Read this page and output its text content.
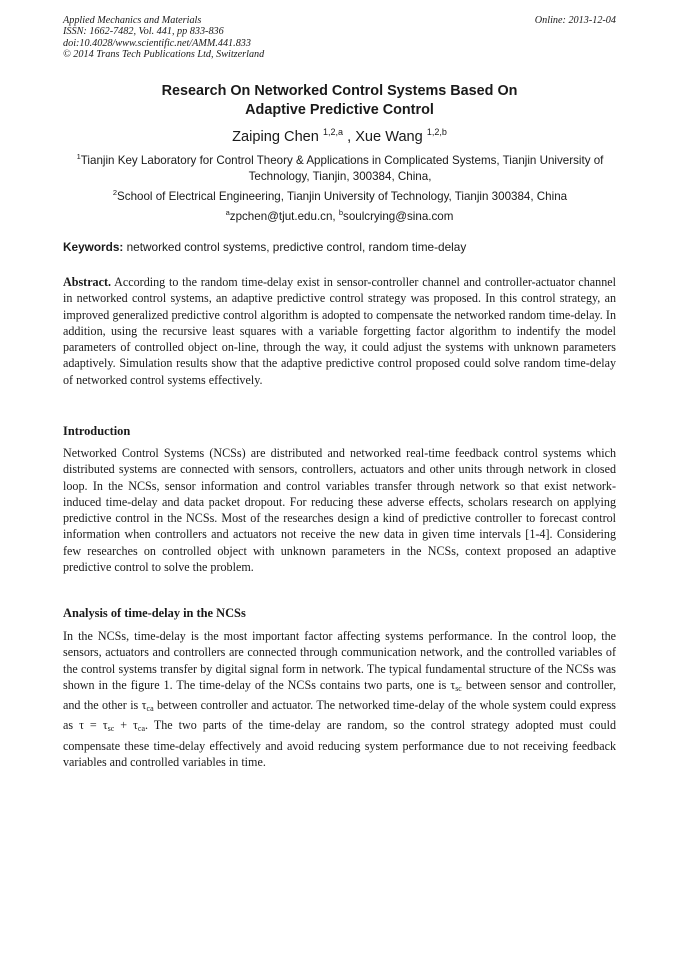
Applied Mechanics and Materials
ISSN: 1662-7482, Vol. 441, pp 833-836
doi:10.4028/www.scientific.net/AMM.441.833
© 2014 Trans Tech Publications Ltd, Switzerland
Online: 2013-12-04
Research On Networked Control Systems Based On
Adaptive Predictive Control
Zaiping Chen $^{1,2,a}$ , Xue Wang $^{1,2,b}$
$^1$Tianjin Key Laboratory for Control Theory & Applications in Complicated Systems, Tianjin University of Technology, Tianjin, 300384, China,
$^2$School of Electrical Engineering, Tianjin University of Technology, Tianjin 300384, China
$^a$zpchen@tjut.edu.cn, $^b$soulcrying@sina.com
Keywords: networked control systems, predictive control, random time-delay
Abstract. According to the random time-delay exist in sensor-controller channel and controller-actuator channel in networked control systems, an adaptive predictive control strategy was proposed. In this control strategy, an improved generalized predictive control algorithm is adopted to compensate the networked random time-delay. In addition, using the recursive least squares with a variable forgetting factor algorithm to indentify the model parameters of controlled object on-line, through the way, it could adjust the systems with unknown parameters adaptively. Simulation results show that the adaptive predictive control proposed could solve random time-delay of networked control systems effectively.
Introduction
Networked Control Systems (NCSs) are distributed and networked real-time feedback control systems which distributed systems are connected with sensors, controllers, actuators and other units through network in closed loop. In the NCSs, sensor information and control variables transfer through network so that exist network-induced time-delay and data packet dropout. For reducing these adverse effects, scholars research on applying predictive control in the NCSs. Most of the researches design a kind of predictive controller to forecast control information when controllers and actuators not receive the new data in given time intervals [1-4]. Considering few researches on controlled object with unknown parameters in the NCSs, context proposed an adaptive predictive control to solve the problem.
Analysis of time-delay in the NCSs
In the NCSs, time-delay is the most important factor affecting systems performance. In the control loop, the sensors, actuators and controllers are connected through communication network, and the controlled variables of the control systems transfer by digital signal form in network. The typical fundamental structure of the NCSs was shown in the figure 1. The time-delay of the NCSs contains two parts, one is τsc between sensor and controller, and the other is τca between controller and actuator. The networked time-delay of the whole system could express as τ = τsc + τca. The two parts of the time-delay are random, so the control strategy adopted must could compensate these time-delay effectively and avoid reducing system performance due to not receiving feedback variables and controlled variables in time.
